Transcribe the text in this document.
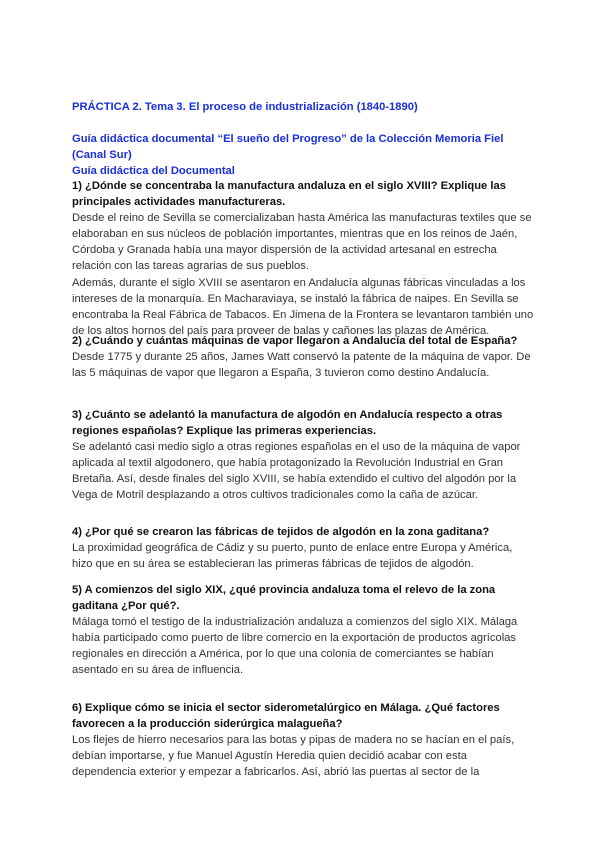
PRÁCTICA 2. Tema 3. El proceso de industrialización (1840-1890)

Guía didáctica documental “El sueño del Progreso” de la Colección Memoria Fiel (Canal Sur)

Guía didáctica del Documental

1) ¿Dónde se concentraba la manufactura andaluza en el siglo XVIII? Explique las principales actividades manufactureras.

Desde el reino de Sevilla se comercializaban hasta América las manufacturas textiles que se elaboraban en sus núcleos de población importantes, mientras que en los reinos de Jaén, Córdoba y Granada había una mayor dispersión de la actividad artesanal en estrecha relación con las tareas agrarias de sus pueblos.

Además, durante el siglo XVIII se asentaron en Andalucía algunas fábricas vinculadas a los intereses de la monarquía. En Macharaviaya, se instaló la fábrica de naipes. En Sevilla se encontraba la Real Fábrica de Tabacos. En Jimena de la Frontera se levantaron también uno de los altos hornos del país para proveer de balas y cañones las plazas de América.

2) ¿Cuándo y cuántas máquinas de vapor llegaron a Andalucía del total de España?

Desde 1775 y durante 25 años, James Watt conservó la patente de la máquina de vapor. De las 5 máquinas de vapor que llegaron a España, 3 tuvieron como destino Andalucía.

3) ¿Cuánto se adelantó la manufactura de algodón en Andalucía respecto a otras regiones españolas? Explique las primeras experiencias.

Se adelantó casi medio siglo a otras regiones españolas en el uso de la máquina de vapor aplicada al textil algodonero, que había protagonizado la Revolución Industrial en Gran Bretaña. Así, desde finales del siglo XVIII, se había extendido el cultivo del algodón por la Vega de Motril desplazando a otros cultivos tradicionales como la caña de azúcar.

4) ¿Por qué se crearon las fábricas de tejidos de algodón en la zona gaditana?

La proximidad geográfica de Cádiz y su puerto, punto de enlace entre Europa y América, hizo que en su área se establecieran las primeras fábricas de tejidos de algodón.

5) A comienzos del siglo XIX, ¿qué provincia andaluza toma el relevo de la zona gaditana ¿Por qué?.

Málaga tomó el testigo de la industrialización andaluza a comienzos del siglo XIX. Málaga había participado como puerto de libre comercio en la exportación de productos agrícolas regionales en dirección a América, por lo que una colonia de comerciantes se habían asentado en su área de influencia.

6) Explique cómo se inicia el sector siderometalúrgico en Málaga. ¿Qué factores favorecen a la producción siderúrgica malagueña?

Los flejes de hierro necesarios para las botas y pipas de madera no se hacían en el país, debían importarse, y fue Manuel Agustín Heredia quien decidió acabar con esta dependencia exterior y empezar a fabricarlos. Así, abrió las puertas al sector de la
